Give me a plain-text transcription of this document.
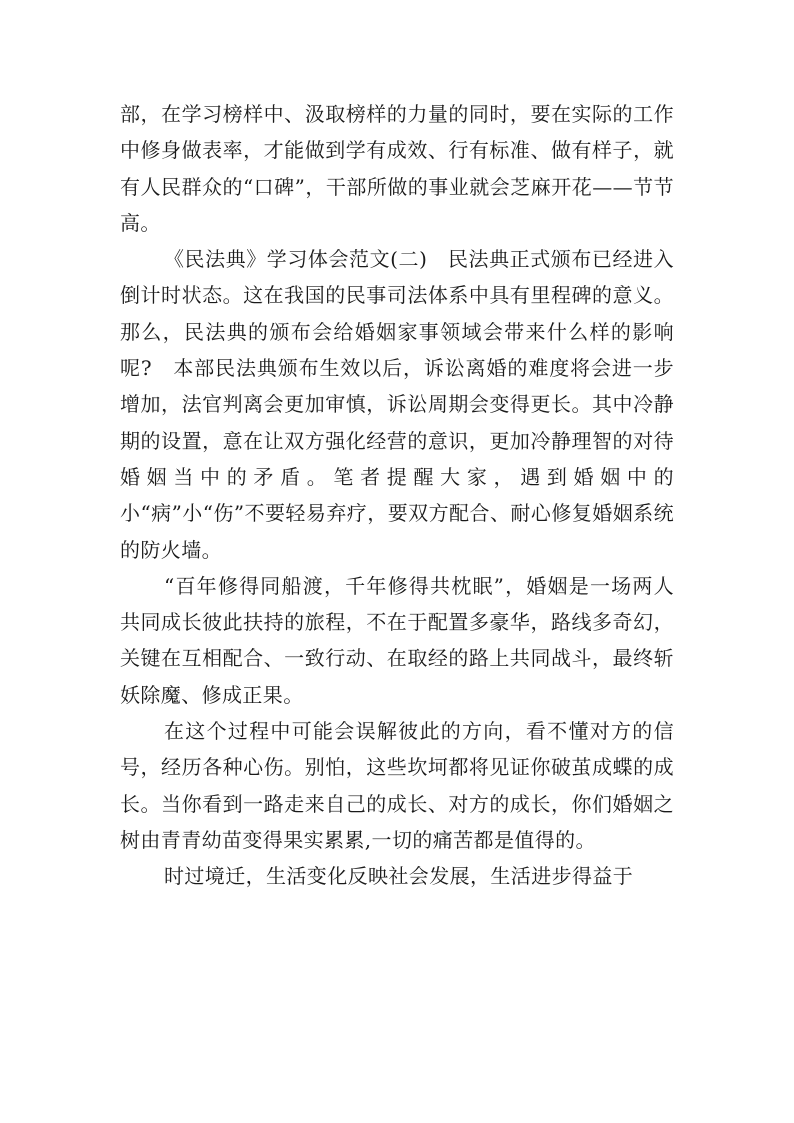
部，在学习榜样中、汲取榜样的力量的同时，要在实际的工作中修身做表率，才能做到学有成效、行有标准、做有样子，就有人民群众的“口碑”，干部所做的事业就会芝麻开花——节节高。

《民法典》学习体会范文(二)　民法典正式颁布已经进入倒计时状态。这在我国的民事司法体系中具有里程碑的意义。那么，民法典的颁布会给婚姻家事领域会带来什么样的影响呢?　本部民法典颁布生效以后，诉讼离婚的难度将会进一步增加，法官判离会更加审慎，诉讼周期会变得更长。其中冷静期的设置，意在让双方强化经营的意识，更加冷静理智的对待婚姻当中的矛盾。笔者提醒大家，遇到婚姻中的小“病”小“伤”不要轻易弃疗，要双方配合、耐心修复婚姻系统的防火墙。

“百年修得同船渡，千年修得共枕眠”，婚姻是一场两人共同成长彼此扶持的旅程，不在于配置多豪华，路线多奇幻，关键在互相配合、一致行动、在取经的路上共同战斗，最终斩妖除魔、修成正果。

在这个过程中可能会误解彼此的方向，看不懂对方的信号，经历各种心伤。别怕，这些坎坷都将见证你破茧成蝶的成长。当你看到一路走来自己的成长、对方的成长，你们婚姻之树由青青幼苗变得果实累累,一切的痛苦都是值得的。

时过境迁，生活变化反映社会发展，生活进步得益于
